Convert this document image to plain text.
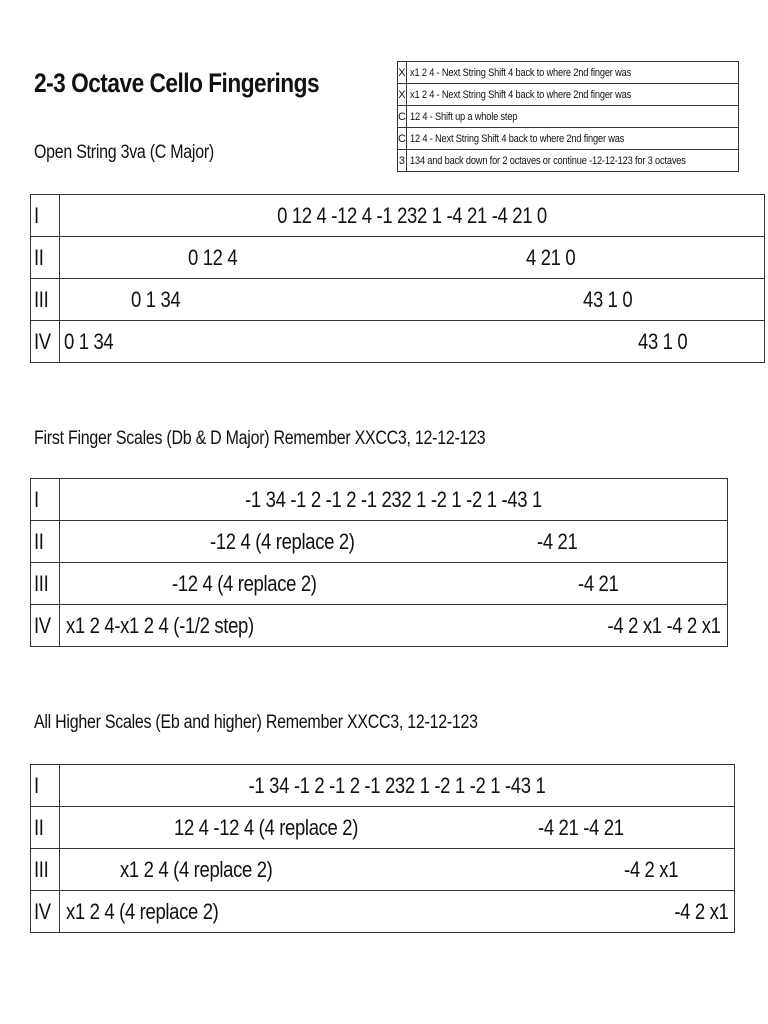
2-3 Octave Cello Fingerings	X	x1 2 4 - Next String Shift 4 back to where 2nd finger was
X	x1 2 4 - Next String Shift 4 back to where 2nd finger was
C	12 4 - Shift up a whole step
C	12 4 - Next String Shift 4 back to where 2nd finger was
3	134 and back down for 2 octaves or continue -12-12-123 for 3 octaves
Open String 3va (C Major)
I	0 12 4 -12 4 -1 232 1 -4 21 -4 21 0

II	0 12 4 4 21 0

III	0 1 34 43 1 0

IV	0 1 34 43 1 0
First Finger Scales (Db & D Major) Remember XXCC3, 12-12-123
I	-1 34 -1 2 -1 2 -1 232 1 -2 1 -2 1 -43 1

II	-12 4 (4 replace 2) -4 21

III	-12 4 (4 replace 2) -4 21

IV	x1 2 4-x1 2 4 (-1/2 step) -4 2 x1 -4 2 x1
All Higher Scales (Eb and higher) Remember XXCC3, 12-12-123
I	-1 34 -1 2 -1 2 -1 232 1 -2 1 -2 1 -43 1

II	12 4 -12 4 (4 replace 2) -4 21 -4 21

III	x1 2 4 (4 replace 2) -4 2 x1

IV	x1 2 4 (4 replace 2) -4 2 x1
